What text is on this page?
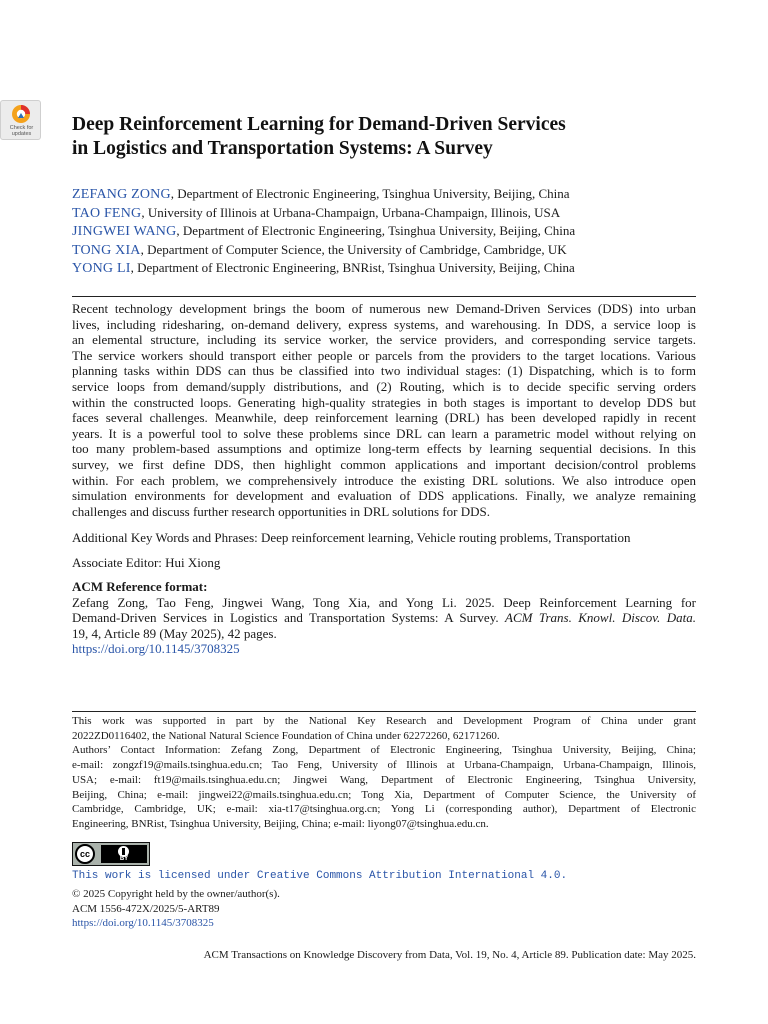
Check for
updates	Deep Reinforcement Learning for Demand-Driven Services
in Logistics and Transportation Systems: A Survey
ZEFANG ZONG, Department of Electronic Engineering, Tsinghua University, Beijing, China
TAO FENG, University of Illinois at Urbana-Champaign, Urbana-Champaign, Illinois, USA
JINGWEI WANG, Department of Electronic Engineering, Tsinghua University, Beijing, China
TONG XIA, Department of Computer Science, the University of Cambridge, Cambridge, UK
YONG LI, Department of Electronic Engineering, BNRist, Tsinghua University, Beijing, China
Recent technology development brings the boom of numerous new Demand-Driven Services (DDS) into urban
lives, including ridesharing, on-demand delivery, express systems, and warehousing. In DDS, a service loop is
an elemental structure, including its service worker, the service providers, and corresponding service targets.
The service workers should transport either people or parcels from the providers to the target locations. Various
planning tasks within DDS can thus be classified into two individual stages: (1) Dispatching, which is to form
service loops from demand/supply distributions, and (2) Routing, which is to decide specific serving orders
within the constructed loops. Generating high-quality strategies in both stages is important to develop DDS but
faces several challenges. Meanwhile, deep reinforcement learning (DRL) has been developed rapidly in recent
years. It is a powerful tool to solve these problems since DRL can learn a parametric model without relying on
too many problem-based assumptions and optimize long-term effects by learning sequential decisions. In this
survey, we first define DDS, then highlight common applications and important decision/control problems
within. For each problem, we comprehensively introduce the existing DRL solutions. We also introduce open
simulation environments for development and evaluation of DDS applications. Finally, we analyze remaining
challenges and discuss further research opportunities in DRL solutions for DDS.
Additional Key Words and Phrases: Deep reinforcement learning, Vehicle routing problems, Transportation
Associate Editor: Hui Xiong
ACM Reference format:
Zefang Zong, Tao Feng, Jingwei Wang, Tong Xia, and Yong Li. 2025. Deep Reinforcement Learning for
Demand-Driven Services in Logistics and Transportation Systems: A Survey. ACM Trans. Knowl. Discov. Data.
19, 4, Article 89 (May 2025), 42 pages.
https://doi.org/10.1145/3708325
This work was supported in part by the National Key Research and Development Program of China under grant
2022ZD0116402, the National Natural Science Foundation of China under 62272260, 62171260.
Authors’ Contact Information: Zefang Zong, Department of Electronic Engineering, Tsinghua University, Beijing, China;
e-mail: zongzf19@mails.tsinghua.edu.cn; Tao Feng, University of Illinois at Urbana-Champaign, Urbana-Champaign, Illinois,
USA; e-mail: ft19@mails.tsinghua.edu.cn; Jingwei Wang, Department of Electronic Engineering, Tsinghua University,
Beijing, China; e-mail: jingwei22@mails.tsinghua.edu.cn; Tong Xia, Department of Computer Science, the University of
Cambridge, Cambridge, UK; e-mail: xia-t17@tsinghua.org.cn; Yong Li (corresponding author), Department of Electronic
Engineering, BNRist, Tsinghua University, Beijing, China; e-mail: liyong07@tsinghua.edu.cn.
cc	BY
This work is licensed under Creative Commons Attribution International 4.0.
© 2025 Copyright held by the owner/author(s).
ACM 1556-472X/2025/5-ART89
https://doi.org/10.1145/3708325
ACM Transactions on Knowledge Discovery from Data, Vol. 19, No. 4, Article 89. Publication date: May 2025.
